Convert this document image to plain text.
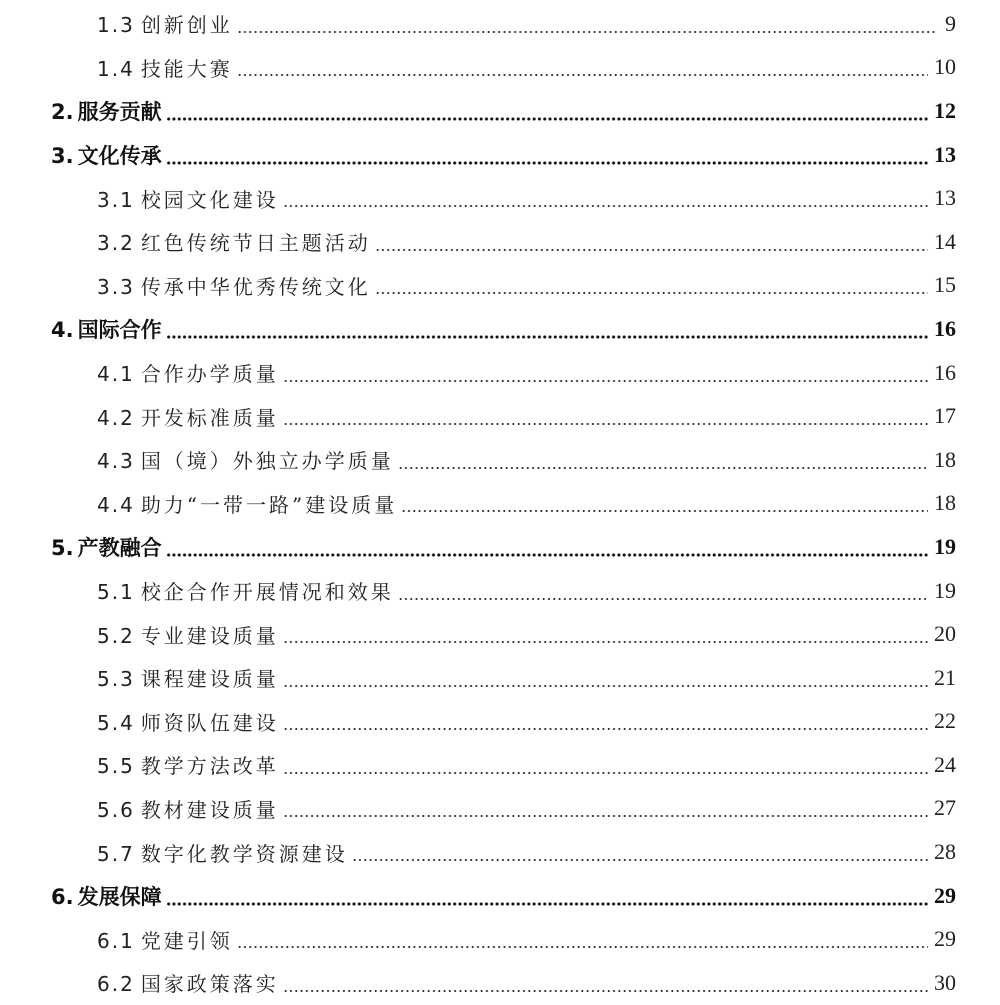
1.3 创新创业	9
1.4 技能大赛	10
2. 服务贡献	12
3. 文化传承	13
3.1 校园文化建设	13
3.2 红色传统节日主题活动	14
3.3 传承中华优秀传统文化	15
4. 国际合作	16
4.1 合作办学质量	16
4.2 开发标准质量	17
4.3 国（境）外独立办学质量	18
4.4 助力“一带一路”建设质量	18
5. 产教融合	19
5.1 校企合作开展情况和效果	19
5.2 专业建设质量	20
5.3 课程建设质量	21
5.4 师资队伍建设	22
5.5 教学方法改革	24
5.6 教材建设质量	27
5.7 数字化教学资源建设	28
6. 发展保障	29
6.1 党建引领	29
6.2 国家政策落实	30
